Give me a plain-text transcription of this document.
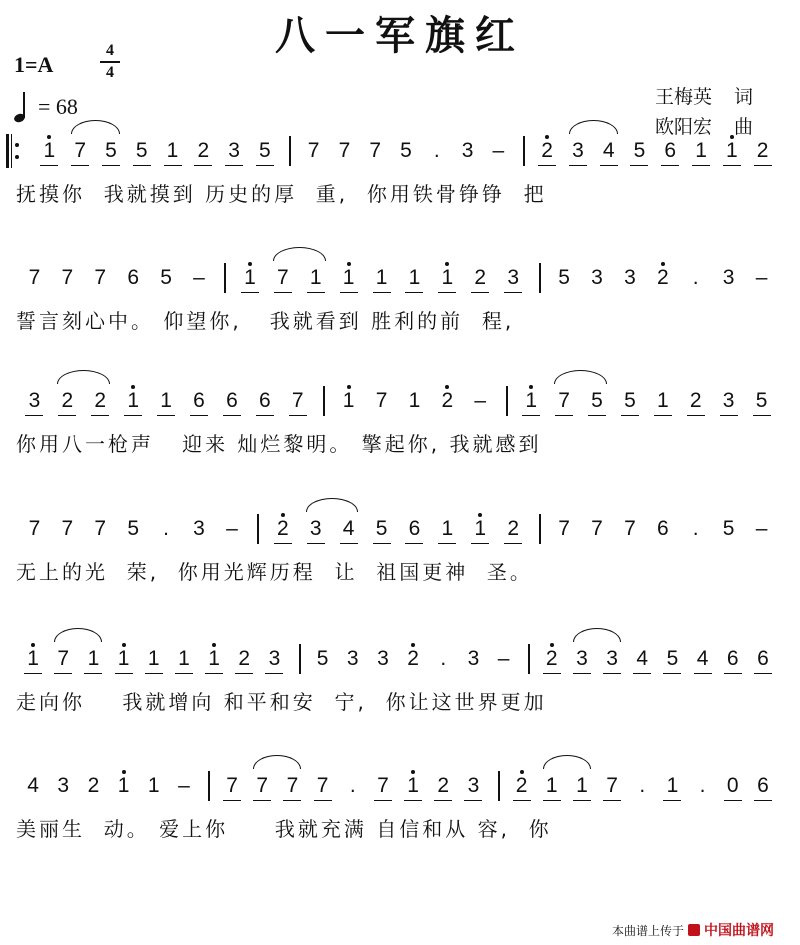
八一军旗红
1=A
4
4
= 68	王梅英 词
欧阳宏 曲
1 7 5 5 1 2 3 5 7 7 7 5	.	3 – 2 3 4 5 6 1 1 2
抚摸你  我就摸到 历史的厚  重,  你用铁骨铮铮  把
7 7 7 6 5 – 1 7 1 1 1 1 1 2 3 5 3 3 2	.	3 –
誓言刻心中。 仰望你,   我就看到 胜利的前  程,
3 2 2 1 1 6 6 6 7 1 7 1 2 – 1 7 5 5 1 2 3 5
你用八一枪声   迎来 灿烂黎明。 擎起你, 我就感到
7 7 7 5	.	3 – 2 3 4 5 6 1 1 2 7 7 7 6	.	5 –
无上的光  荣,  你用光辉历程  让  祖国更神  圣。
1 7 1 1 1 1 1 2 3 5 3 3 2	.	3 – 2 3 3 4 5 4 6 6
走向你    我就增向 和平和安  宁,  你让这世界更加
4 3 2 1 1 – 7 7 7 7	.	7 1 2 3 2 1 1 7	.	1	.	0 6
美丽生  动。 爱上你     我就充满 自信和从 容,  你
本曲谱上传于 中国曲谱网
